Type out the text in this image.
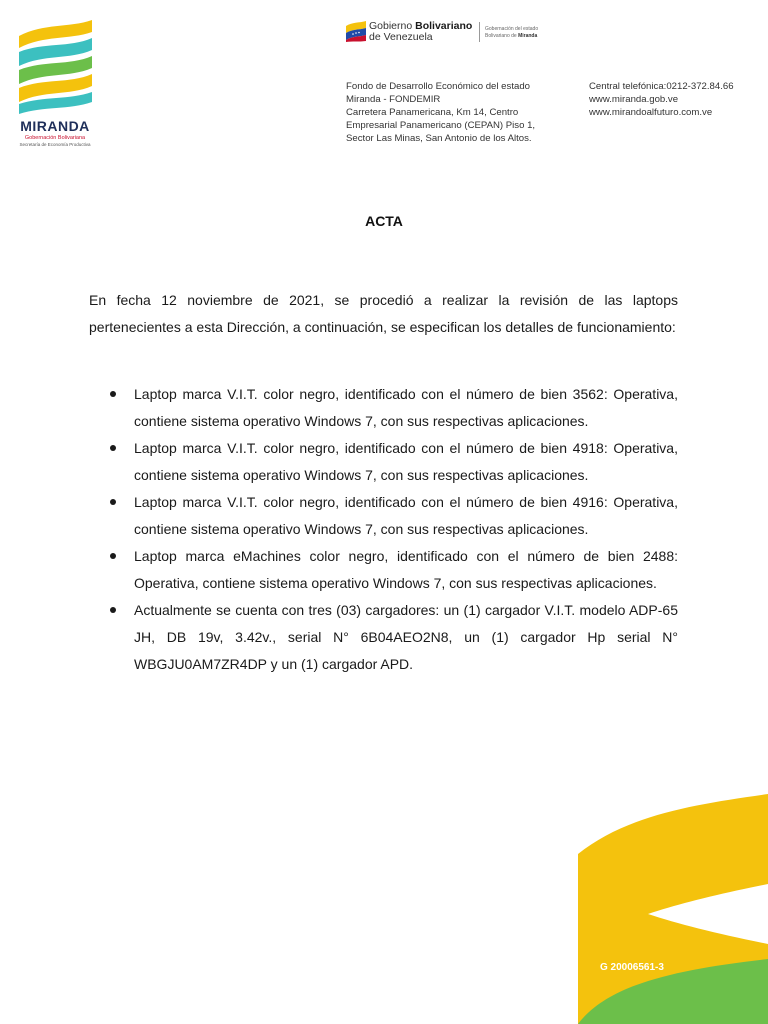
MIRANDA
Gobernación Bolivariana
Secretaría de Economía Productiva
Gobierno Bolivariano
de Venezuela
Gobernación del estado
Bolivariano de Miranda
Fondo de Desarrollo Económico del estado
Miranda - FONDEMIR
Carretera Panamericana, Km 14, Centro
Empresarial Panamericano (CEPAN) Piso 1,
Sector Las Minas, San Antonio de los Altos.
Central telefónica:0212-372.84.66
www.miranda.gob.ve
www.mirandoalfuturo.com.ve
ACTA

En fecha 12 noviembre de 2021, se procedió a realizar la revisión de las laptops pertenecientes a esta Dirección, a continuación, se especifican los detalles de funcionamiento:

Laptop marca V.I.T. color negro, identificado con el número de bien 3562: Operativa, contiene sistema operativo Windows 7, con sus respectivas aplicaciones.
Laptop marca V.I.T. color negro, identificado con el número de bien 4918: Operativa, contiene sistema operativo Windows 7, con sus respectivas aplicaciones.
Laptop marca V.I.T. color negro, identificado con el número de bien 4916: Operativa, contiene sistema operativo Windows 7, con sus respectivas aplicaciones.
Laptop marca eMachines color negro, identificado con el número de bien 2488: Operativa, contiene sistema operativo Windows 7, con sus respectivas aplicaciones.
Actualmente se cuenta con tres (03) cargadores: un (1) cargador V.I.T. modelo ADP-65 JH, DB 19v, 3.42v., serial N° 6B04AEO2N8, un (1) cargador Hp serial N° WBGJU0AM7ZR4DP y un (1) cargador APD.
G 20006561-3
